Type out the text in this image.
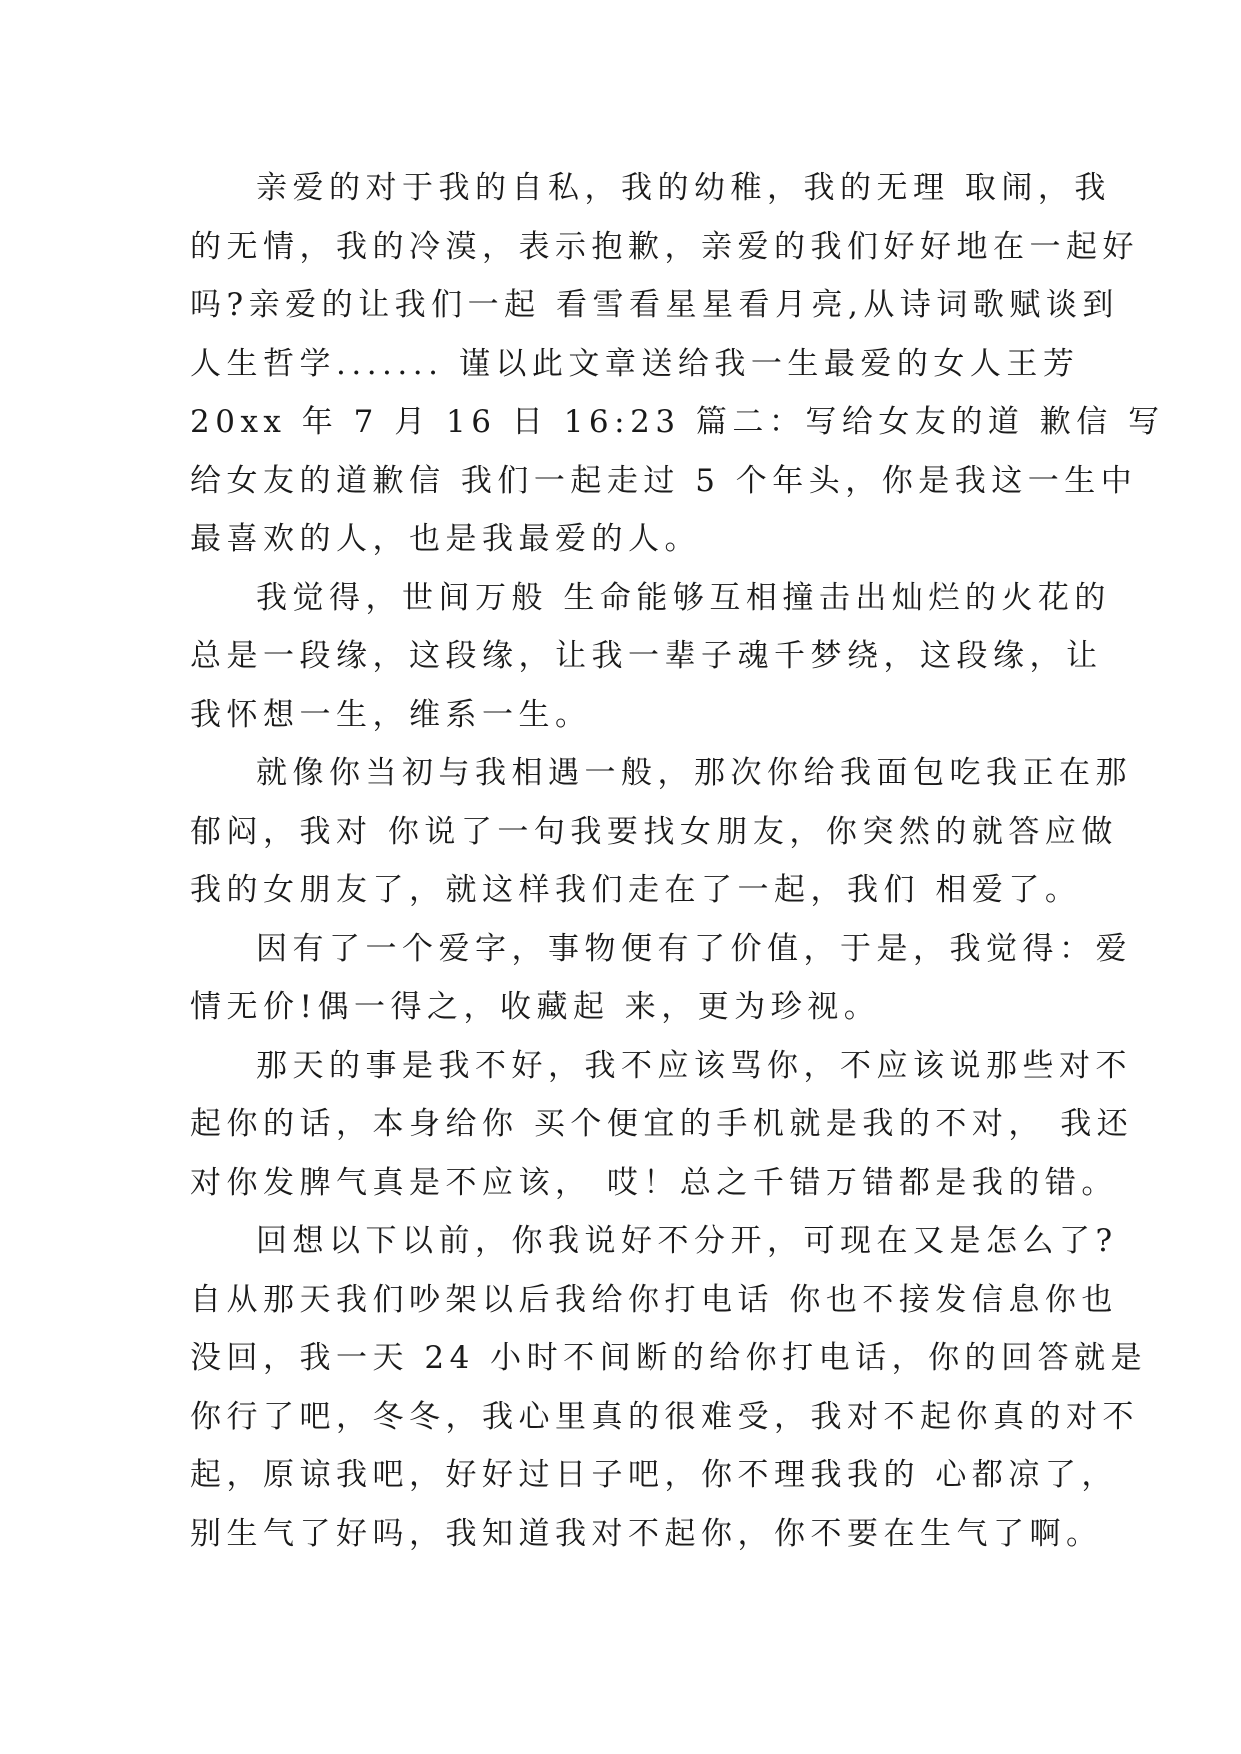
亲爱的对于我的自私，我的幼稚，我的无理 取闹，我
的无情，我的冷漠，表示抱歉，亲爱的我们好好地在一起好
吗?亲爱的让我们一起 看雪看星星看月亮,从诗词歌赋谈到
人生哲学....... 谨以此文章送给我一生最爱的女人王芳
20xx 年 7 月 16 日 16:23 篇二：写给女友的道 歉信 写
给女友的道歉信 我们一起走过 5 个年头，你是我这一生中
最喜欢的人，也是我最爱的人。

我觉得，世间万般 生命能够互相撞击出灿烂的火花的
总是一段缘，这段缘，让我一辈子魂千梦绕，这段缘，让
我怀想一生，维系一生。

就像你当初与我相遇一般，那次你给我面包吃我正在那
郁闷，我对 你说了一句我要找女朋友，你突然的就答应做
我的女朋友了，就这样我们走在了一起，我们 相爱了。

因有了一个爱字，事物便有了价值，于是，我觉得：爱
情无价!偶一得之，收藏起 来，更为珍视。

那天的事是我不好，我不应该骂你，不应该说那些对不
起你的话，本身给你 买个便宜的手机就是我的不对， 我还
对你发脾气真是不应该， 哎！总之千错万错都是我的错。

回想以下以前，你我说好不分开，可现在又是怎么了?
自从那天我们吵架以后我给你打电话 你也不接发信息你也
没回，我一天 24 小时不间断的给你打电话，你的回答就是
你行了吧，冬冬，我心里真的很难受，我对不起你真的对不
起，原谅我吧，好好过日子吧，你不理我我的 心都凉了，
别生气了好吗，我知道我对不起你，你不要在生气了啊。
